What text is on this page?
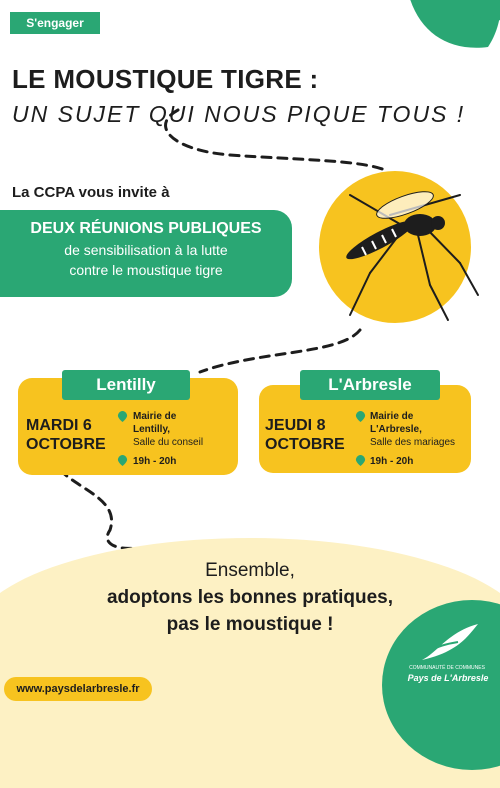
S'engager
LE MOUSTIQUE TIGRE :
UN SUJET QUI NOUS PIQUE TOUS !
La CCPA vous invite à
DEUX RÉUNIONS PUBLIQUES
de sensibilisation à la lutte
contre le moustique tigre
Lentilly
MARDI 6
OCTOBRE
Mairie de
Lentilly,
Salle du conseil
19h - 20h
L'Arbresle
JEUDI 8
OCTOBRE
Mairie de
L'Arbresle,
Salle des mariages
19h - 20h
Ensemble,
adoptons les bonnes pratiques,
pas le moustique !
COMMUNAUTÉ DE COMMUNES
Pays de L'Arbresle
www.paysdelarbresle.fr
